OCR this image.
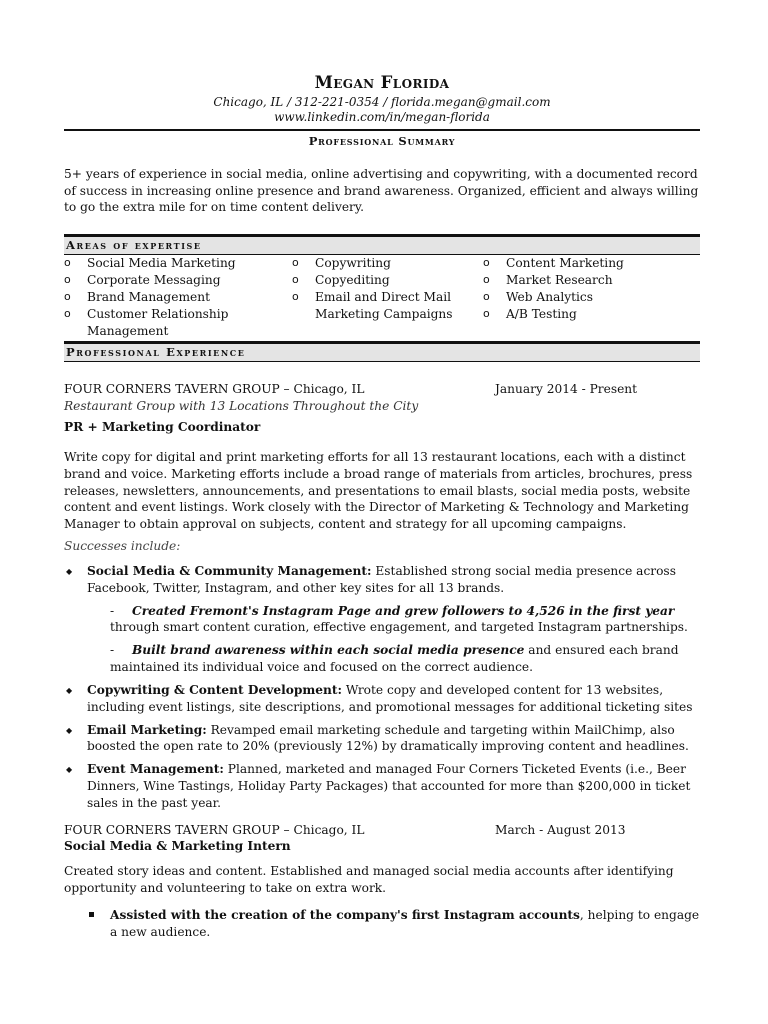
Megan Florida
Chicago, IL / 312-221-0354 / florida.megan@gmail.com
www.linkedin.com/in/megan-florida
Professional Summary
5+ years of experience in social media, online advertising and copywriting, with a documented record of success in increasing online presence and brand awareness. Organized, efficient and always willing to go the extra mile for on time content delivery.
Areas of expertise
o Social Media Marketing
o Corporate Messaging
o Brand Management
o Customer Relationship Management
o Copywriting
o Copyediting
o Email and Direct Mail Marketing Campaigns
o Content Marketing
o Market Research
o Web Analytics
o A/B Testing
Professional Experience
FOUR CORNERS TAVERN GROUP – Chicago, IL	January 2014 - Present
Restaurant Group with 13 Locations Throughout the City
PR + Marketing Coordinator
Write copy for digital and print marketing efforts for all 13 restaurant locations, each with a distinct brand and voice. Marketing efforts include a broad range of materials from articles, brochures, press releases, newsletters, announcements, and presentations to email blasts, social media posts, website content and event listings. Work closely with the Director of Marketing & Technology and Marketing Manager to obtain approval on subjects, content and strategy for all upcoming campaigns.
Successes include:
◆ Social Media & Community Management: Established strong social media presence across Facebook, Twitter, Instagram, and other key sites for all 13 brands.
- Created Fremont's Instagram Page and grew followers to 4,526 in the first year through smart content curation, effective engagement, and targeted Instagram partnerships.
- Built brand awareness within each social media presence and ensured each brand maintained its individual voice and focused on the correct audience.
◆ Copywriting & Content Development: Wrote copy and developed content for 13 websites, including event listings, site descriptions, and promotional messages for additional ticketing sites
◆ Email Marketing: Revamped email marketing schedule and targeting within MailChimp, also boosted the open rate to 20% (previously 12%) by dramatically improving content and headlines.
◆ Event Management: Planned, marketed and managed Four Corners Ticketed Events (i.e., Beer Dinners, Wine Tastings, Holiday Party Packages) that accounted for more than $200,000 in ticket sales in the past year.
FOUR CORNERS TAVERN GROUP – Chicago, IL	March - August 2013
Social Media & Marketing Intern
Created story ideas and content. Established and managed social media accounts after identifying opportunity and volunteering to take on extra work.
Assisted with the creation of the company's first Instagram accounts, helping to engage a new audience.
